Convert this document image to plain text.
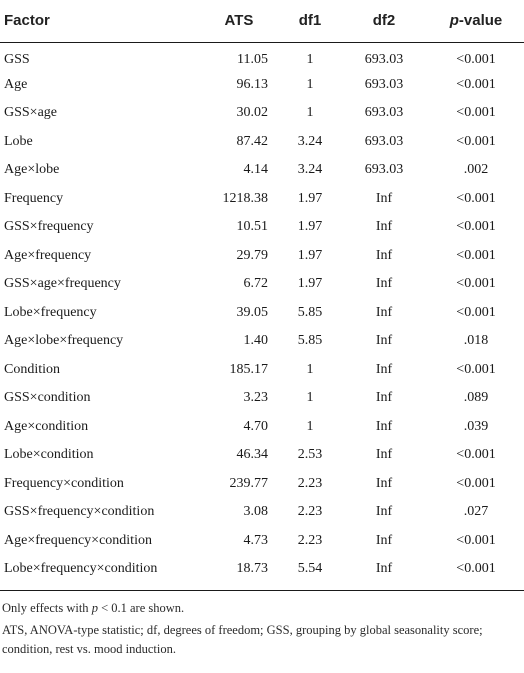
Factor	ATS	df1	df2	p-value
GSS	11.05	1	693.03	<0.001
Age	96.13	1	693.03	<0.001
GSS×age	30.02	1	693.03	<0.001
Lobe	87.42	3.24	693.03	<0.001
Age×lobe	4.14	3.24	693.03	.002
Frequency	1218.38	1.97	Inf	<0.001
GSS×frequency	10.51	1.97	Inf	<0.001
Age×frequency	29.79	1.97	Inf	<0.001
GSS×age×frequency	6.72	1.97	Inf	<0.001
Lobe×frequency	39.05	5.85	Inf	<0.001
Age×lobe×frequency	1.40	5.85	Inf	.018
Condition	185.17	1	Inf	<0.001
GSS×condition	3.23	1	Inf	.089
Age×condition	4.70	1	Inf	.039
Lobe×condition	46.34	2.53	Inf	<0.001
Frequency×condition	239.77	2.23	Inf	<0.001
GSS×frequency×condition	3.08	2.23	Inf	.027
Age×frequency×condition	4.73	2.23	Inf	<0.001
Lobe×frequency×condition	18.73	5.54	Inf	<0.001

Only effects with p < 0.1 are shown.

ATS, ANOVA-type statistic; df, degrees of freedom; GSS, grouping by global seasonality score; condition, rest vs. mood induction.
